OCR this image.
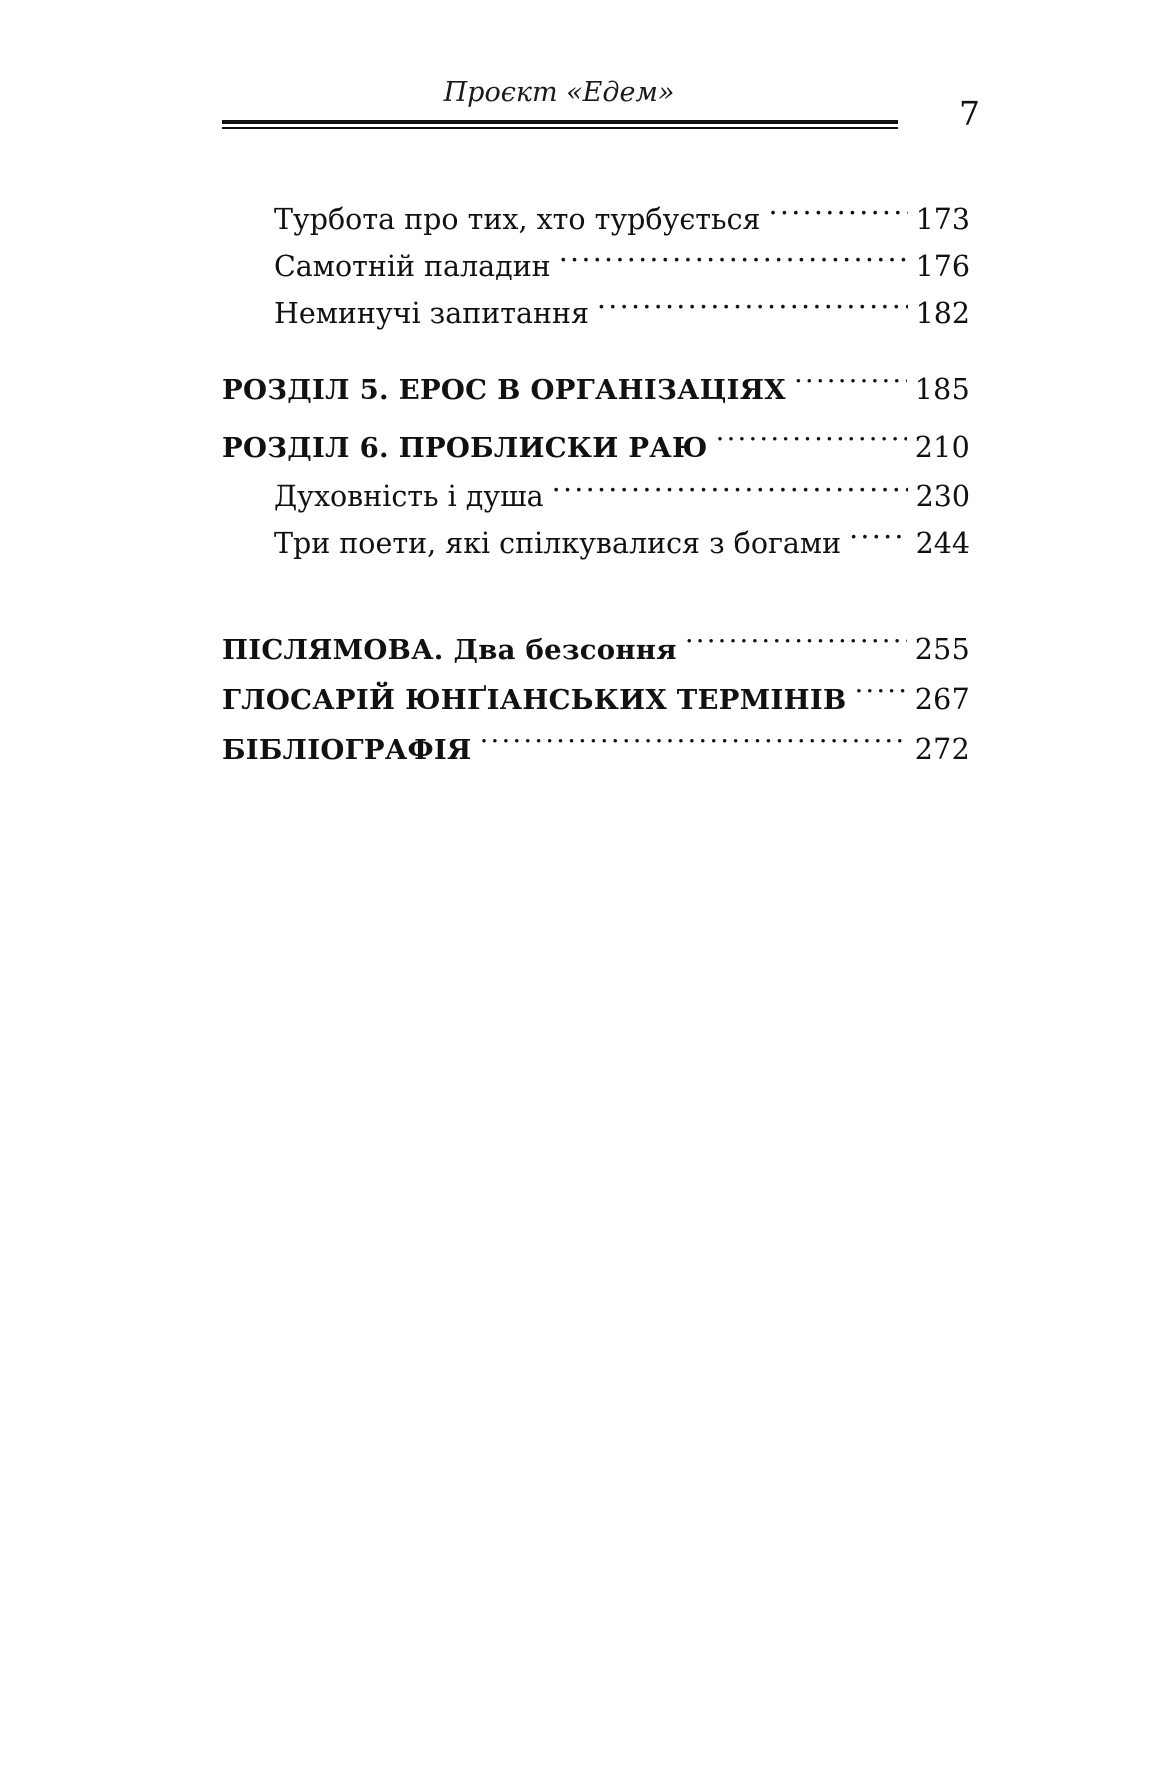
Проєкт «Едем»
7
Турбота про тих, хто турбується .....	173
Самотній паладин .....	176
Неминучі запитання .....	182
РОЗДІЛ 5. ЕРОС В ОРГАНІЗАЦІЯХ .....	185
РОЗДІЛ 6. ПРОБЛИСКИ РАЮ .....	210
Духовність і душа .....	230
Три поети, які спілкувалися з богами .....	244
ПІСЛЯМОВА. Два безсоння .....	255
ГЛОСАРІЙ ЮНҐІАНСЬКИХ ТЕРМІНІВ ..... 267
БІБЛІОГРАФІЯ .....	272
